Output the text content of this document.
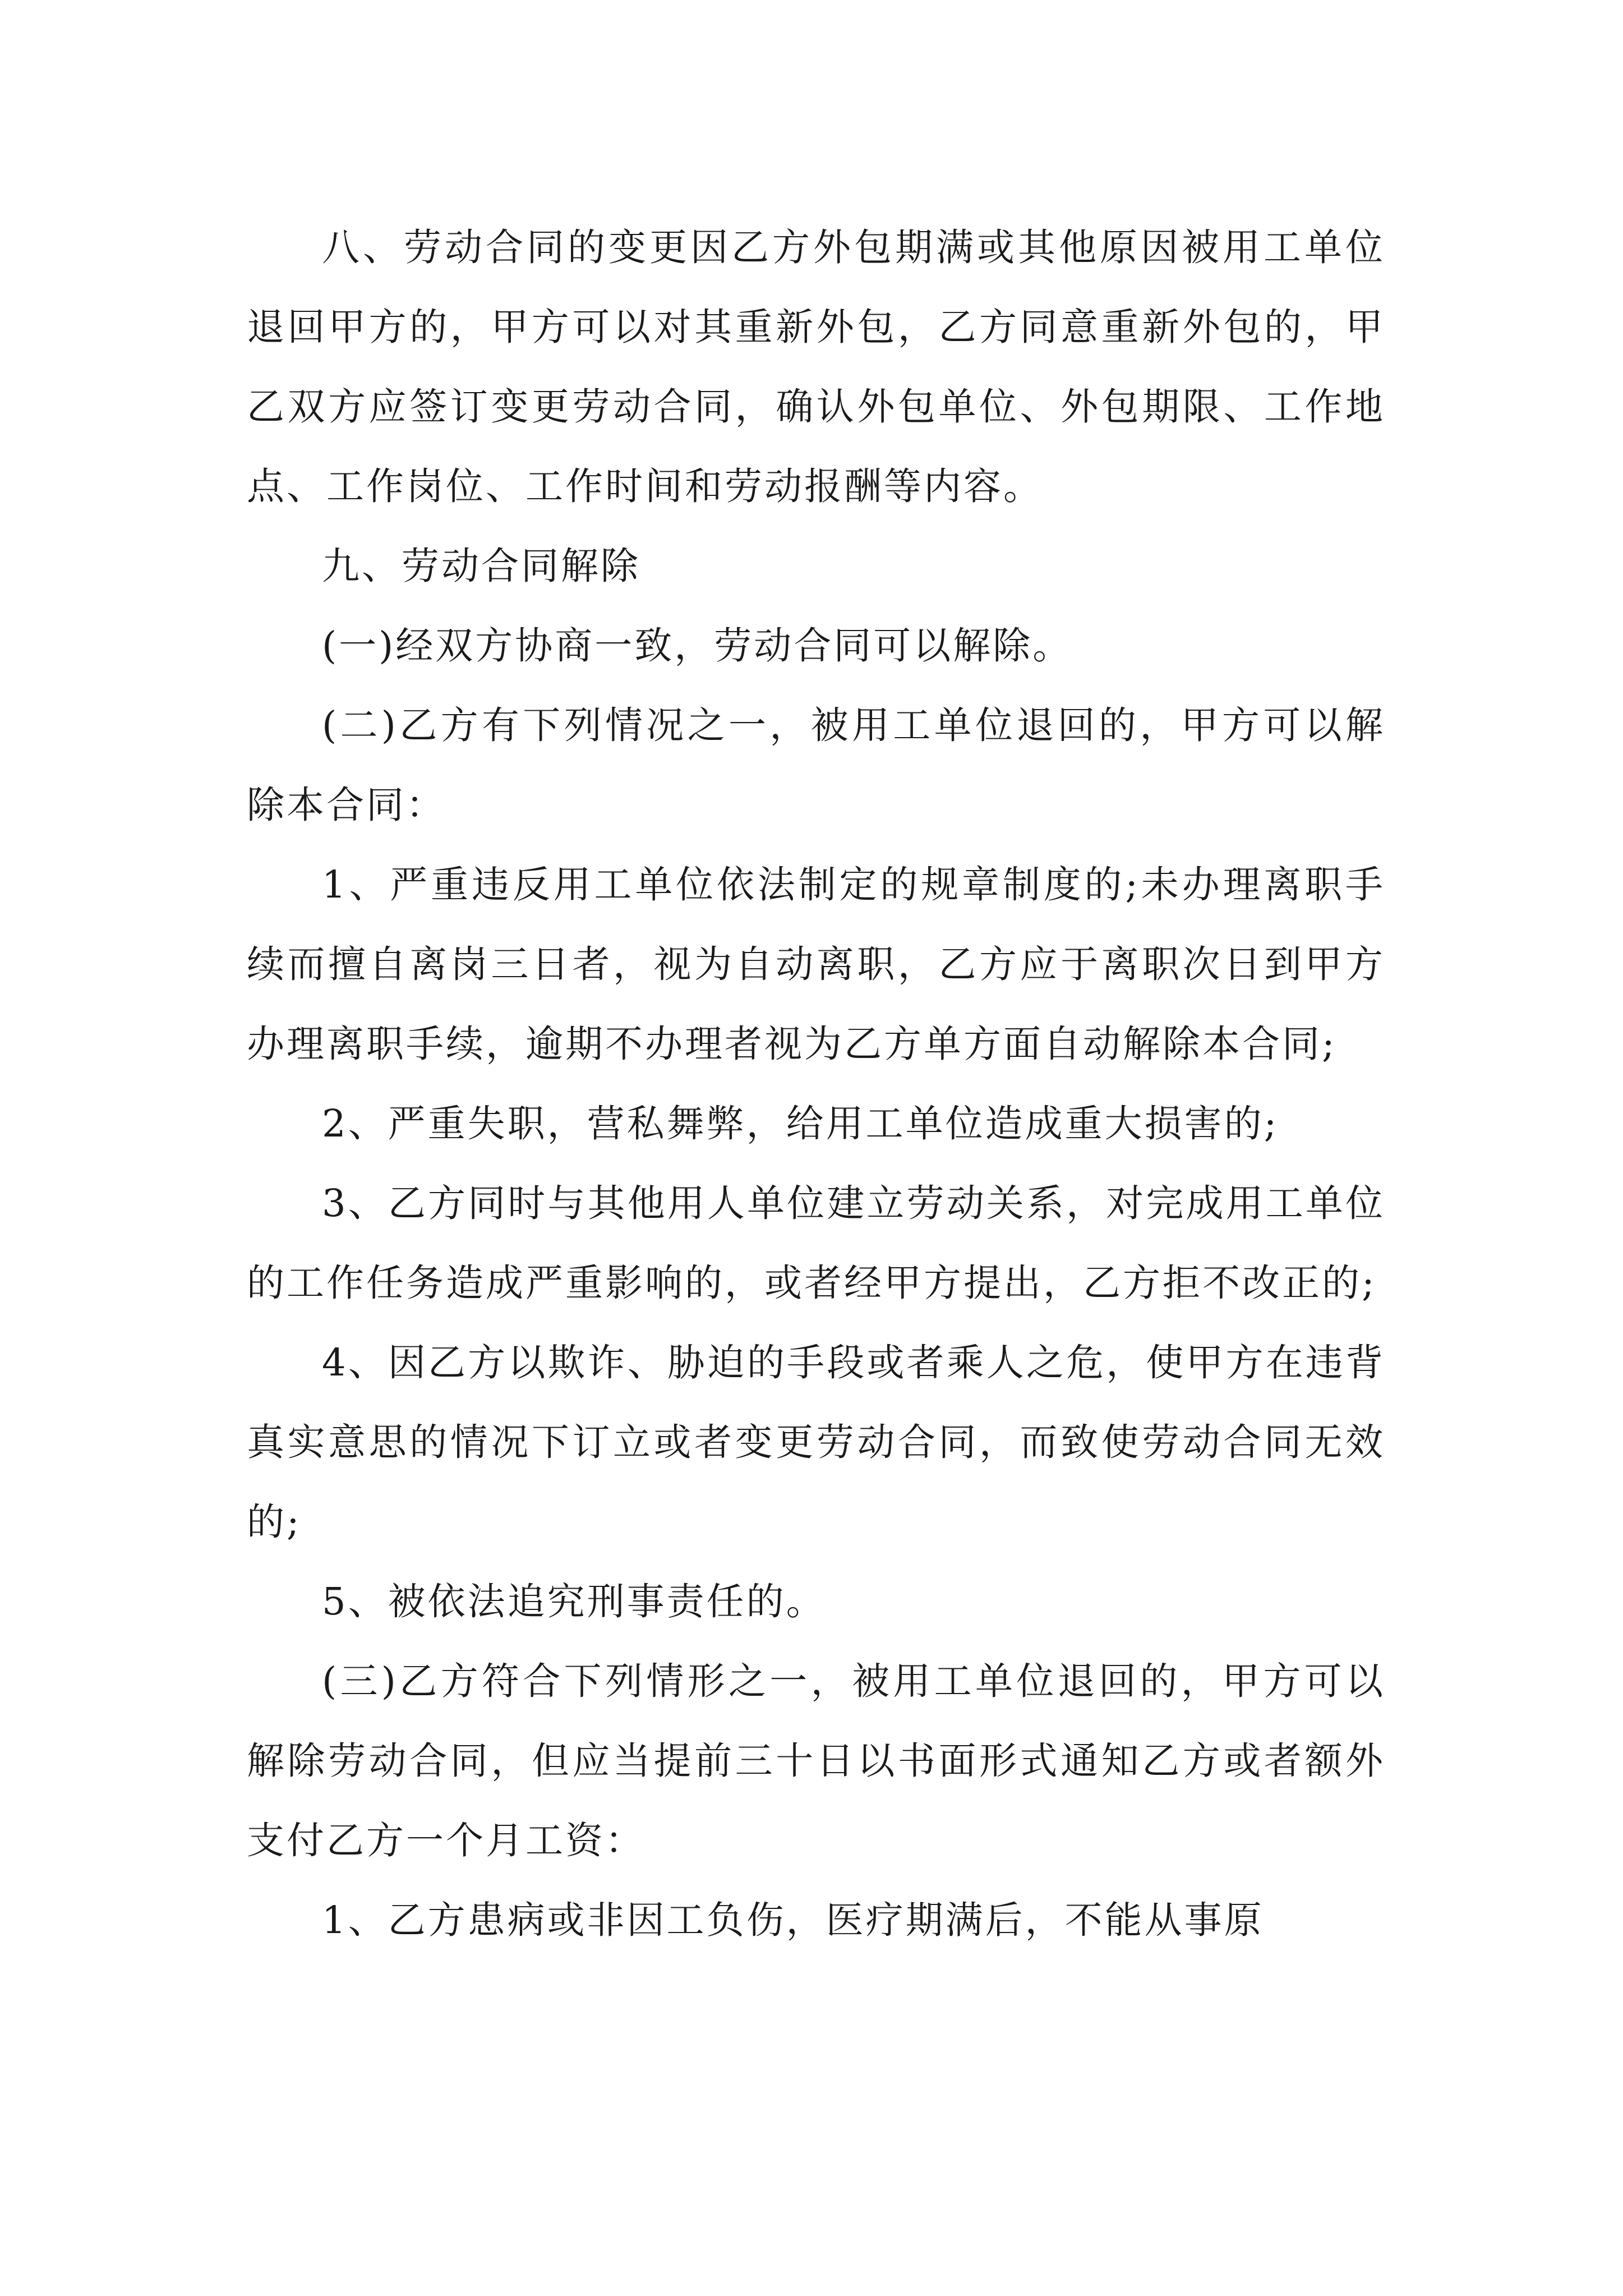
八、劳动合同的变更因乙方外包期满或其他原因被用工单位退回甲方的，甲方可以对其重新外包，乙方同意重新外包的，甲乙双方应签订变更劳动合同，确认外包单位、外包期限、工作地点、工作岗位、工作时间和劳动报酬等内容。

九、劳动合同解除

(一)经双方协商一致，劳动合同可以解除。

(二)乙方有下列情况之一，被用工单位退回的，甲方可以解除本合同：

1、严重违反用工单位依法制定的规章制度的;未办理离职手续而擅自离岗三日者，视为自动离职，乙方应于离职次日到甲方办理离职手续，逾期不办理者视为乙方单方面自动解除本合同;

2、严重失职，营私舞弊，给用工单位造成重大损害的;

3、乙方同时与其他用人单位建立劳动关系，对完成用工单位的工作任务造成严重影响的，或者经甲方提出，乙方拒不改正的;

4、因乙方以欺诈、胁迫的手段或者乘人之危，使甲方在违背真实意思的情况下订立或者变更劳动合同，而致使劳动合同无效的;

5、被依法追究刑事责任的。

(三)乙方符合下列情形之一，被用工单位退回的，甲方可以解除劳动合同，但应当提前三十日以书面形式通知乙方或者额外支付乙方一个月工资：

1、乙方患病或非因工负伤，医疗期满后，不能从事原
